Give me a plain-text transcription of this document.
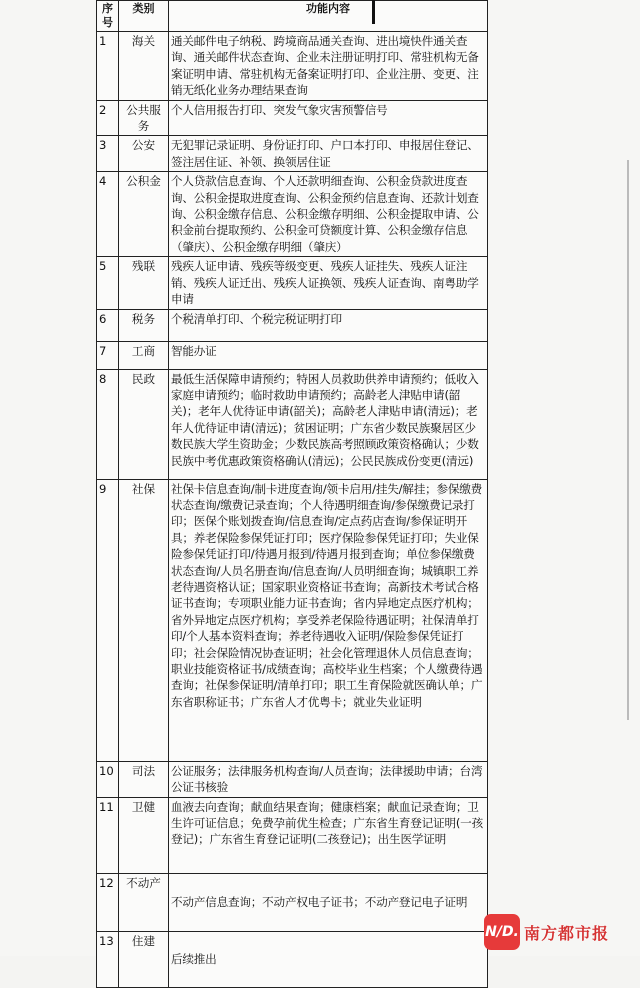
序号	类别	功能内容
1	海关	通关邮件电子纳税、跨境商品通关查询、进出境快件通关查询、通关邮件状态查询、企业未注册证明打印、常驻机构无备案证明申请、常驻机构无备案证明打印、企业注册、变更、注销无纸化业务办理结果查询
2	公共服务	个人信用报告打印、突发气象灾害预警信号
3	公安	无犯罪记录证明、身份证打印、户口本打印、申报居住登记、签注居住证、补领、换领居住证
4	公积金	个人贷款信息查询、个人还款明细查询、公积金贷款进度查询、公积金提取进度查询、公积金预约信息查询、还款计划查询、公积金缴存信息、公积金缴存明细、公积金提取申请、公积金前台提取预约、公积金可贷额度计算、公积金缴存信息（肇庆）、公积金缴存明细（肇庆）
5	残联	残疾人证申请、残疾等级变更、残疾人证挂失、残疾人证注销、残疾人证迁出、残疾人证换领、残疾人证查询、南粤助学申请
6	税务	个税清单打印、个税完税证明打印
7	工商	智能办证
8	民政	最低生活保障申请预约；特困人员救助供养申请预约；低收入家庭申请预约；临时救助申请预约；高龄老人津贴申请(韶关)；老年人优待证申请(韶关)；高龄老人津贴申请(清远)；老年人优待证申请(清远)；贫困证明；广东省少数民族聚居区少数民族大学生资助金；少数民族高考照顾政策资格确认；少数民族中考优惠政策资格确认(清远)；公民民族成份变更(清远)
9	社保	社保卡信息查询/制卡进度查询/领卡启用/挂失/解挂；参保缴费状态查询/缴费记录查询；个人待遇明细查询/参保缴费记录打印；医保个账划拨查询/信息查询/定点药店查询/参保证明开具；养老保险参保凭证打印；医疗保险参保凭证打印；失业保险参保凭证打印/待遇月报到/待遇月报到查询；单位参保缴费状态查询/人员名册查询/信息查询/人员明细查询；城镇职工养老待遇资格认证；国家职业资格证书查询；高新技术考试合格证书查询；专项职业能力证书查询；省内异地定点医疗机构；省外异地定点医疗机构；享受养老保险待遇证明；社保清单打印/个人基本资料查询；养老待遇收入证明/保险参保凭证打印；社会保险情况协查证明；社会化管理退休人员信息查询；职业技能资格证书/成绩查询；高校毕业生档案；个人缴费待遇查询；社保参保证明/清单打印；职工生育保险就医确认单；广东省职称证书；广东省人才优粤卡；就业失业证明
10	司法	公证服务；法律服务机构查询/人员查询；法律援助申请；台湾公证书核验
11	卫健	血液去向查询；献血结果查询；健康档案；献血记录查询；卫生许可证信息；免费孕前优生检查；广东省生育登记证明(一孩登记)；广东省生育登记证明(二孩登记)；出生医学证明
12	不动产	不动产信息查询；不动产权电子证书；不动产登记电子证明
13	住建	后续推出
N/D. 南方都市报
